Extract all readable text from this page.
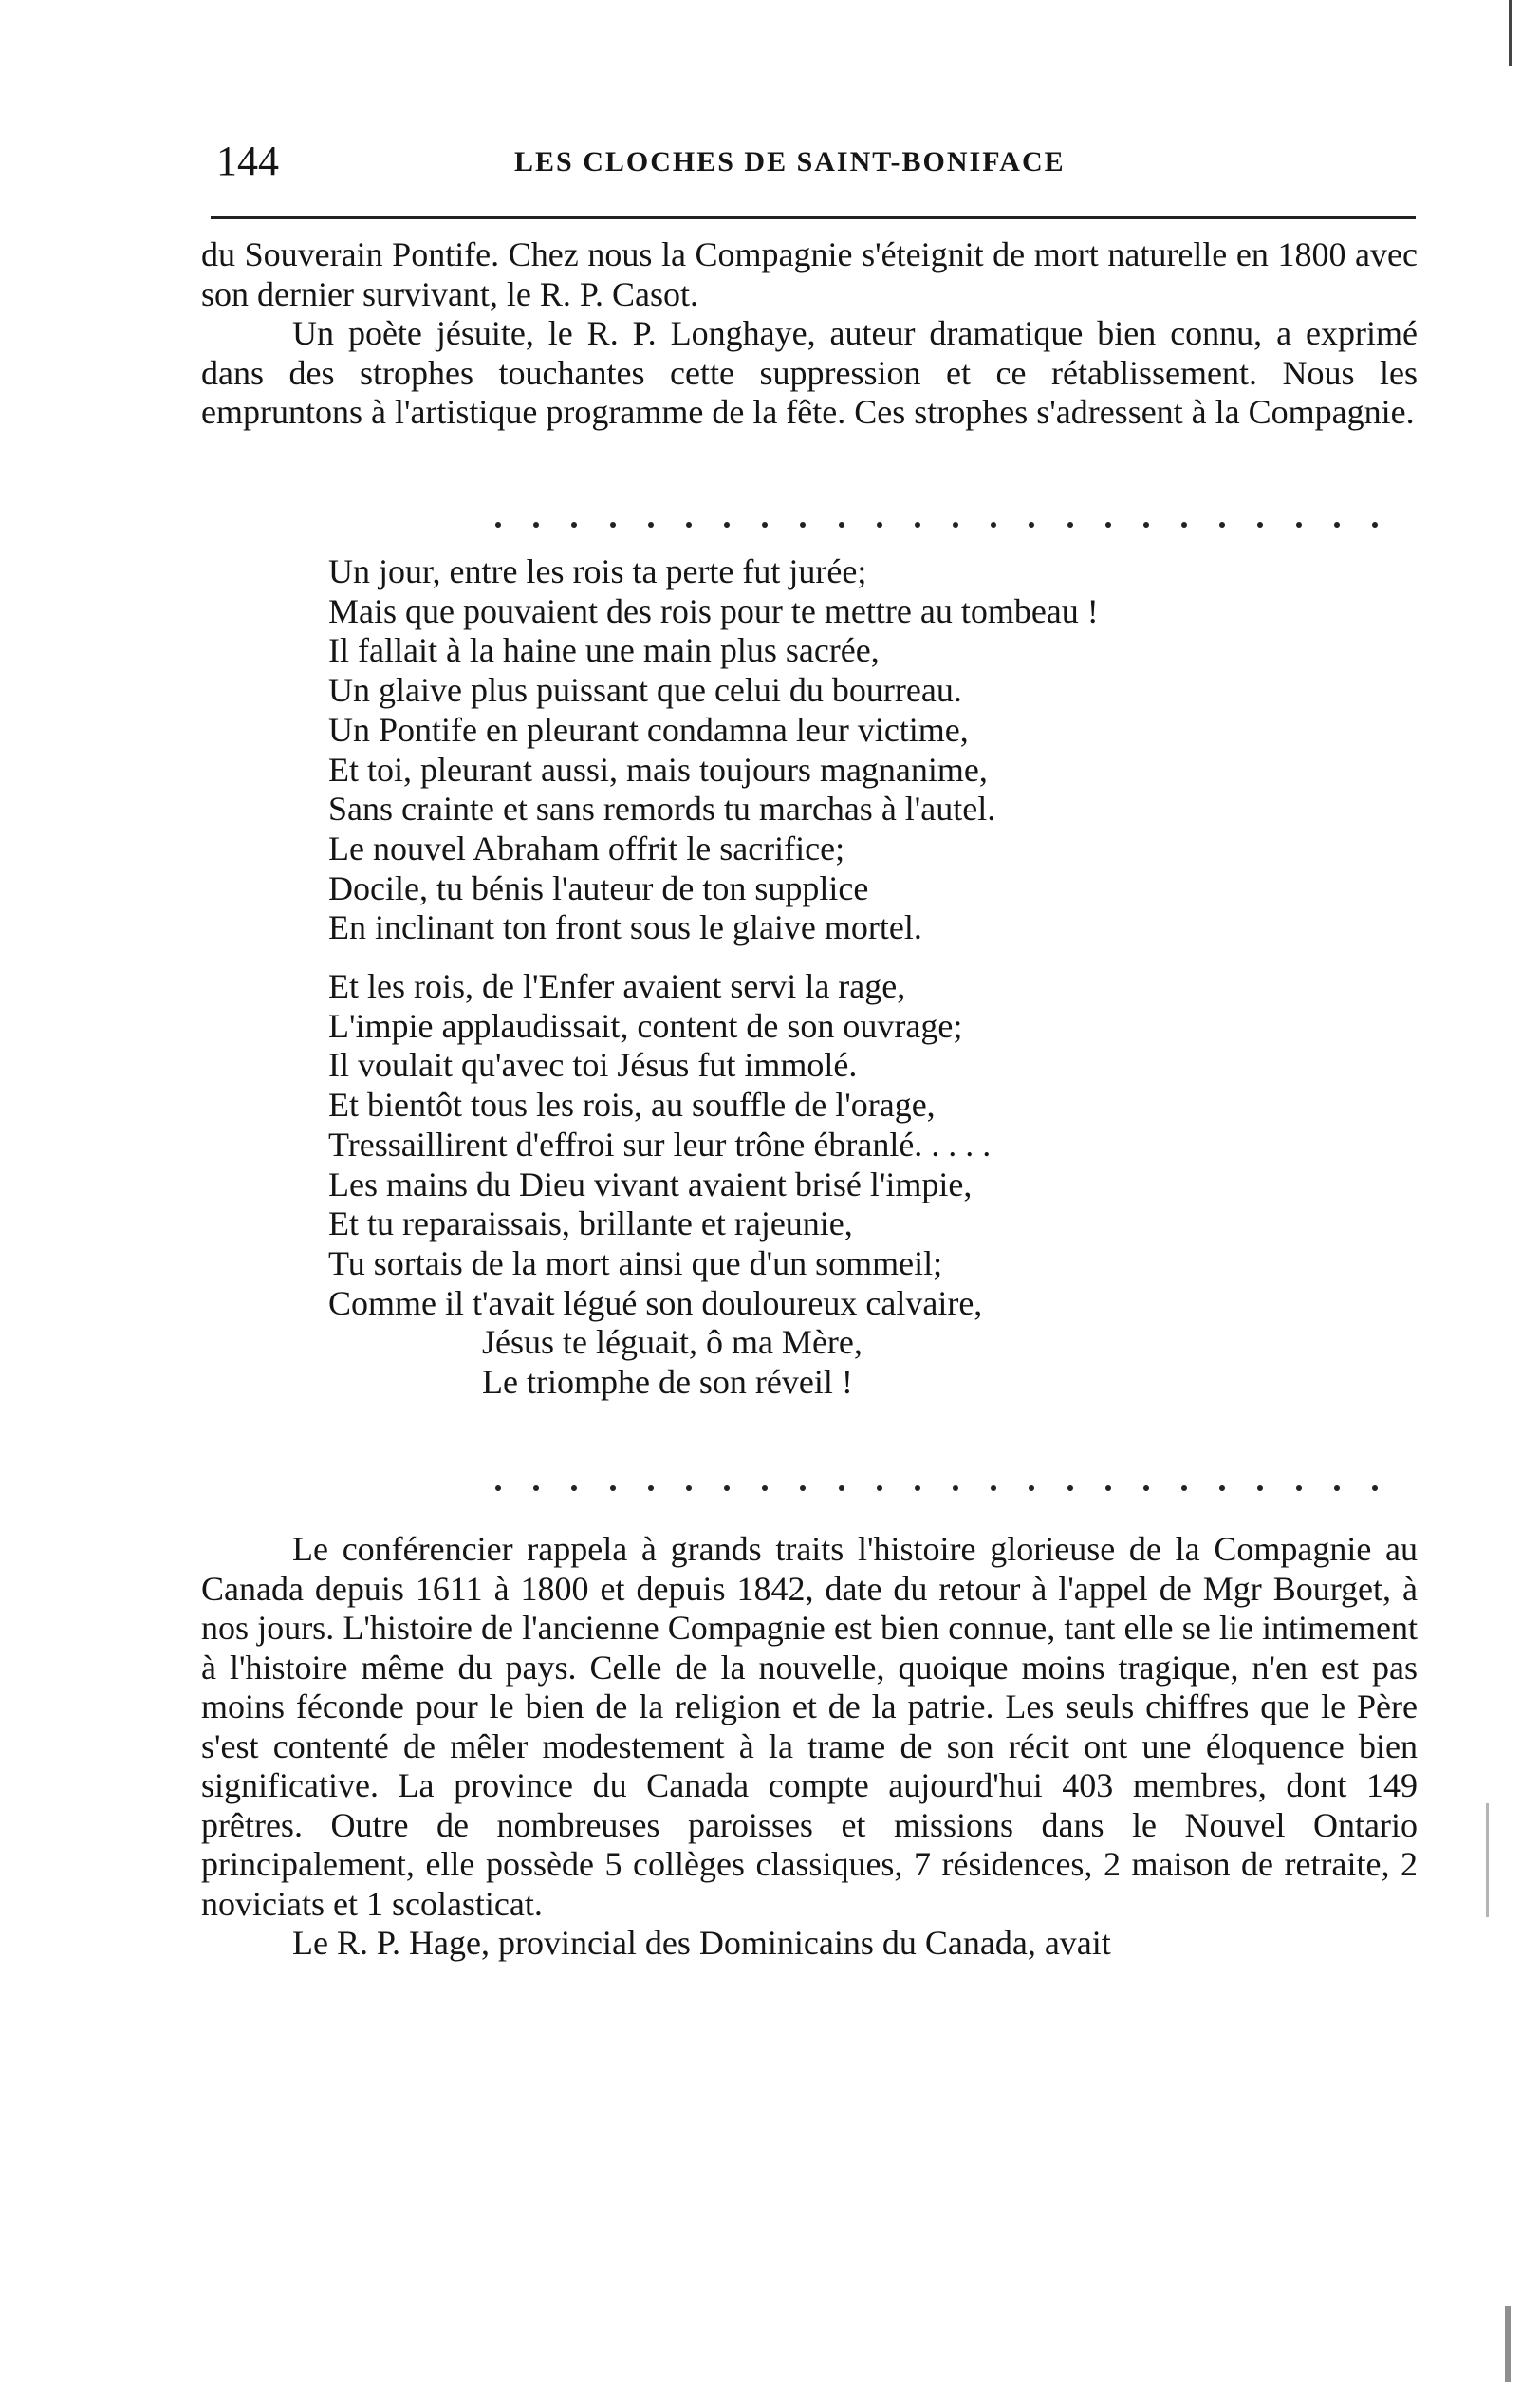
144	LES CLOCHES DE SAINT-BONIFACE

du Souverain Pontife. Chez nous la Compagnie s'éteignit de mort naturelle en 1800 avec son dernier survivant, le R. P. Casot.

Un poète jésuite, le R. P. Longhaye, auteur dramatique bien connu, a exprimé dans des strophes touchantes cette suppression et ce rétablissement. Nous les empruntons à l'artistique programme de la fête. Ces strophes s'adressent à la Compagnie.

Un jour, entre les rois ta perte fut jurée;
Mais que pouvaient des rois pour te mettre au tombeau !
Il fallait à la haine une main plus sacrée,
Un glaive plus puissant que celui du bourreau.
Un Pontife en pleurant condamna leur victime,
Et toi, pleurant aussi, mais toujours magnanime,
Sans crainte et sans remords tu marchas à l'autel.
Le nouvel Abraham offrit le sacrifice;
Docile, tu bénis l'auteur de ton supplice
En inclinant ton front sous le glaive mortel.
Et les rois, de l'Enfer avaient servi la rage,
L'impie applaudissait, content de son ouvrage;
Il voulait qu'avec toi Jésus fut immolé.
Et bientôt tous les rois, au souffle de l'orage,
Tressaillirent d'effroi sur leur trône ébranlé. . . . .
Les mains du Dieu vivant avaient brisé l'impie,
Et tu reparaissais, brillante et rajeunie,
Tu sortais de la mort ainsi que d'un sommeil;
Comme il t'avait légué son douloureux calvaire,
Jésus te léguait, ô ma Mère,
Le triomphe de son réveil !

Le conférencier rappela à grands traits l'histoire glorieuse de la Compagnie au Canada depuis 1611 à 1800 et depuis 1842, date du retour à l'appel de Mgr Bourget, à nos jours. L'histoire de l'ancienne Compagnie est bien connue, tant elle se lie intimement à l'histoire même du pays. Celle de la nouvelle, quoique moins tragique, n'en est pas moins féconde pour le bien de la religion et de la patrie. Les seuls chiffres que le Père s'est contenté de mêler modestement à la trame de son récit ont une éloquence bien significative. La province du Canada compte aujourd'hui 403 membres, dont 149 prêtres. Outre de nombreuses paroisses et missions dans le Nouvel Ontario principalement, elle possède 5 collèges classiques, 7 résidences, 2 maison de retraite, 2 noviciats et 1 scolasticat.

Le R. P. Hage, provincial des Dominicains du Canada, avait
